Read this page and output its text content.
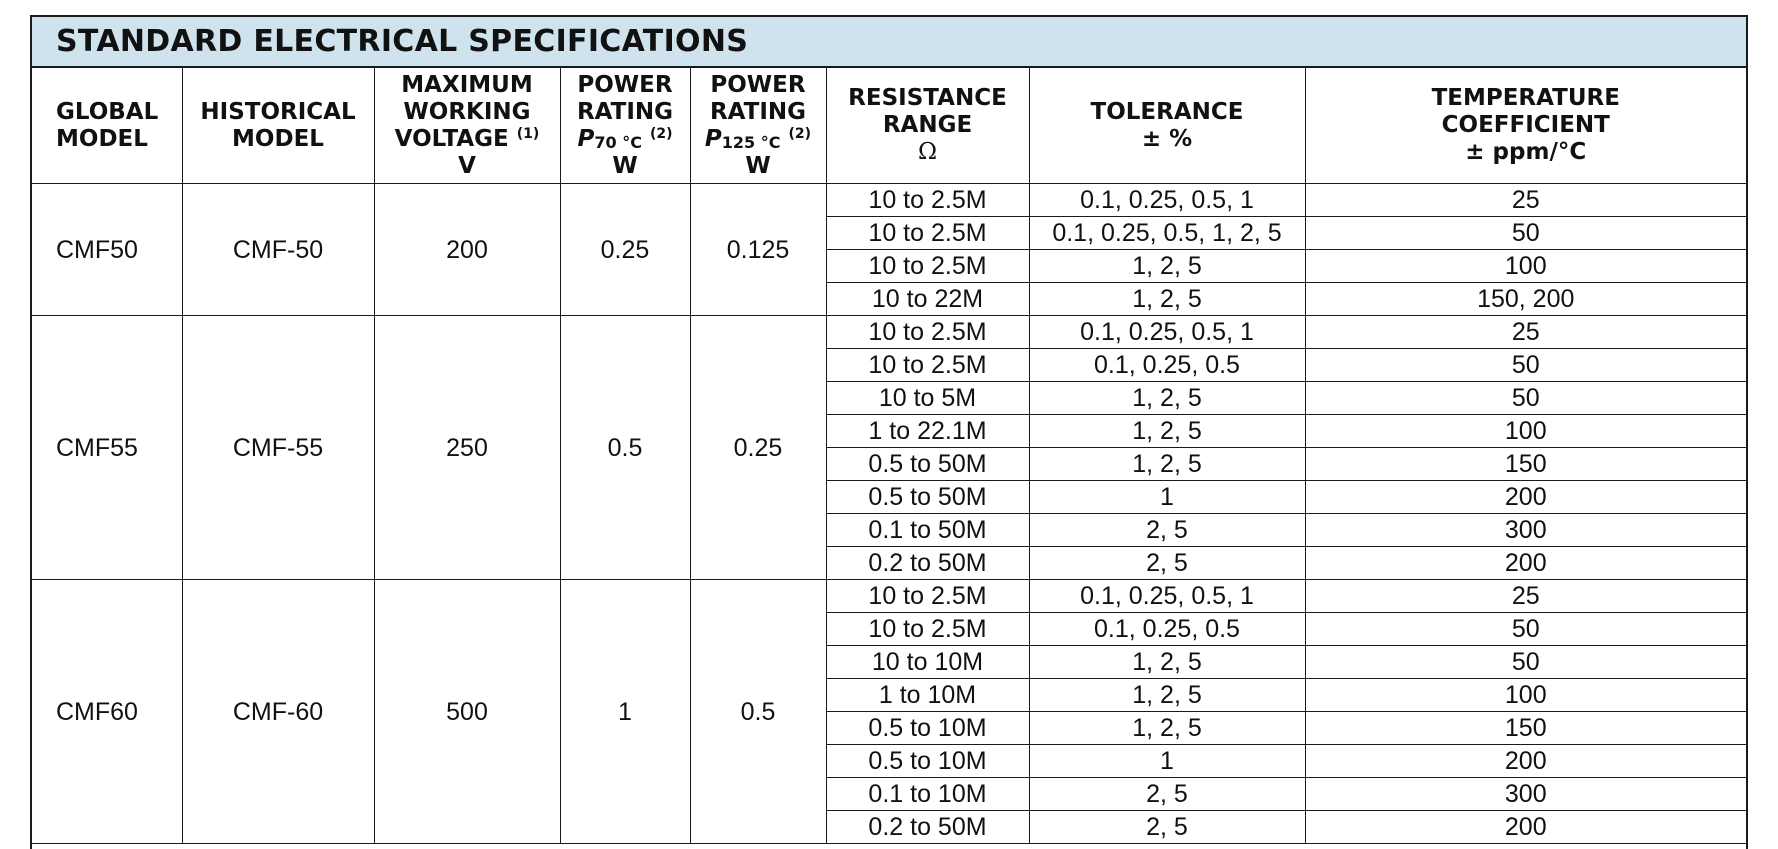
STANDARD ELECTRICAL SPECIFICATIONS
GLOBAL
MODEL	HISTORICAL
MODEL	MAXIMUM
WORKING
VOLTAGE $^{(1)}$
V	POWER
RATING
$P_{70 ^\circ C}$ $^{(2)}$
W	POWER
RATING
$P_{125 ^\circ C}$ $^{(2)}$
W	RESISTANCE
RANGE
Ω	TOLERANCE
± %	TEMPERATURE
COEFFICIENT
± ppm/°C

CMF50	CMF-50	200	0.25	0.125	10 to 2.5M	0.1, 0.25, 0.5, 1	25
					10 to 2.5M	0.1, 0.25, 0.5, 1, 2, 5	50
					10 to 2.5M	1, 2, 5	100
					10 to 22M	1, 2, 5	150, 200
CMF55	CMF-55	250	0.5	0.25	10 to 2.5M	0.1, 0.25, 0.5, 1	25
					10 to 2.5M	0.1, 0.25, 0.5	50
					10 to 5M	1, 2, 5	50
					1 to 22.1M	1, 2, 5	100
					0.5 to 50M	1, 2, 5	150
					0.5 to 50M	1	200
					0.1 to 50M	2, 5	300
					0.2 to 50M	2, 5	200
CMF60	CMF-60	500	1	0.5	10 to 2.5M	0.1, 0.25, 0.5, 1	25
					10 to 2.5M	0.1, 0.25, 0.5	50
					10 to 10M	1, 2, 5	50
					1 to 10M	1, 2, 5	100
					0.5 to 10M	1, 2, 5	150
					0.5 to 10M	1	200
					0.1 to 10M	2, 5	300
					0.2 to 50M	2, 5	200
